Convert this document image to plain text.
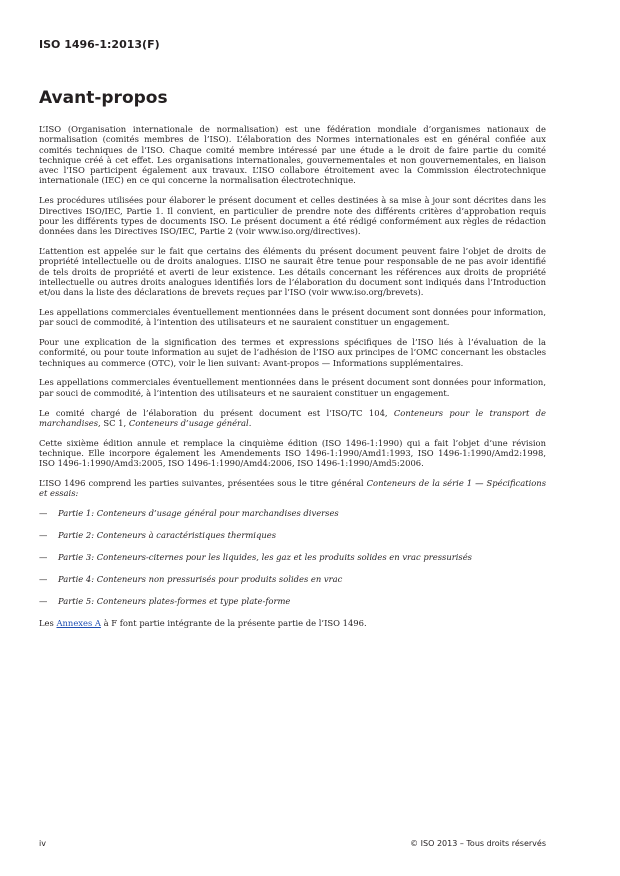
ISO 1496-1:2013(F)
Avant-propos

L’ISO (Organisation internationale de normalisation) est une fédération mondiale d’organismes nationaux de normalisation (comités membres de l’ISO). L’élaboration des Normes internationales est en général confiée aux comités techniques de l’ISO. Chaque comité membre intéressé par une étude a le droit de faire partie du comité technique créé à cet effet. Les organisations internationales, gouvernementales et non gouvernementales, en liaison avec l’ISO participent également aux travaux. L’ISO collabore étroitement avec la Commission électrotechnique internationale (IEC) en ce qui concerne la normalisation électrotechnique.

Les procédures utilisées pour élaborer le présent document et celles destinées à sa mise à jour sont décrites dans les Directives ISO/IEC, Partie 1. Il convient, en particulier de prendre note des différents critères d’approbation requis pour les différents types de documents ISO. Le présent document a été rédigé conformément aux règles de rédaction données dans les Directives ISO/IEC, Partie 2 (voir www.iso.org/directives).

L’attention est appelée sur le fait que certains des éléments du présent document peuvent faire l’objet de droits de propriété intellectuelle ou de droits analogues. L’ISO ne saurait être tenue pour responsable de ne pas avoir identifié de tels droits de propriété et averti de leur existence. Les détails concernant les références aux droits de propriété intellectuelle ou autres droits analogues identifiés lors de l’élaboration du document sont indiqués dans l’Introduction et/ou dans la liste des déclarations de brevets reçues par l’ISO (voir www.iso.org/brevets).

Les appellations commerciales éventuellement mentionnées dans le présent document sont données pour information, par souci de commodité, à l’intention des utilisateurs et ne sauraient constituer un engagement.

Pour une explication de la signification des termes et expressions spécifiques de l’ISO liés à l’évaluation de la conformité, ou pour toute information au sujet de l’adhésion de l’ISO aux principes de l’OMC concernant les obstacles techniques au commerce (OTC), voir le lien suivant: Avant-propos — Informations supplémentaires.

Les appellations commerciales éventuellement mentionnées dans le présent document sont données pour information, par souci de commodité, à l’intention des utilisateurs et ne sauraient constituer un engagement.

Le comité chargé de l’élaboration du présent document est l’ISO/TC 104, Conteneurs pour le transport de marchandises, SC 1, Conteneurs d’usage général.

Cette sixième édition annule et remplace la cinquième édition (ISO 1496-1:1990) qui a fait l’objet d’une révision technique. Elle incorpore également les Amendements ISO 1496-1:1990/Amd1:1993, ISO 1496-1:1990/Amd2:1998, ISO 1496-1:1990/Amd3:2005, ISO 1496-1:1990/Amd4:2006, ISO 1496-1:1990/Amd5:2006.

L’ISO 1496 comprend les parties suivantes, présentées sous le titre général Conteneurs de la série 1 — Spécifications et essais:

— Partie 1: Conteneurs d’usage général pour marchandises diverses

— Partie 2: Conteneurs à caractéristiques thermiques

— Partie 3: Conteneurs-citernes pour les liquides, les gaz et les produits solides en vrac pressurisés

— Partie 4: Conteneurs non pressurisés pour produits solides en vrac

— Partie 5: Conteneurs plates-formes et type plate-forme

Les Annexes A à F font partie intégrante de la présente partie de l’ISO 1496.

iv	© ISO 2013 – Tous droits réservés
